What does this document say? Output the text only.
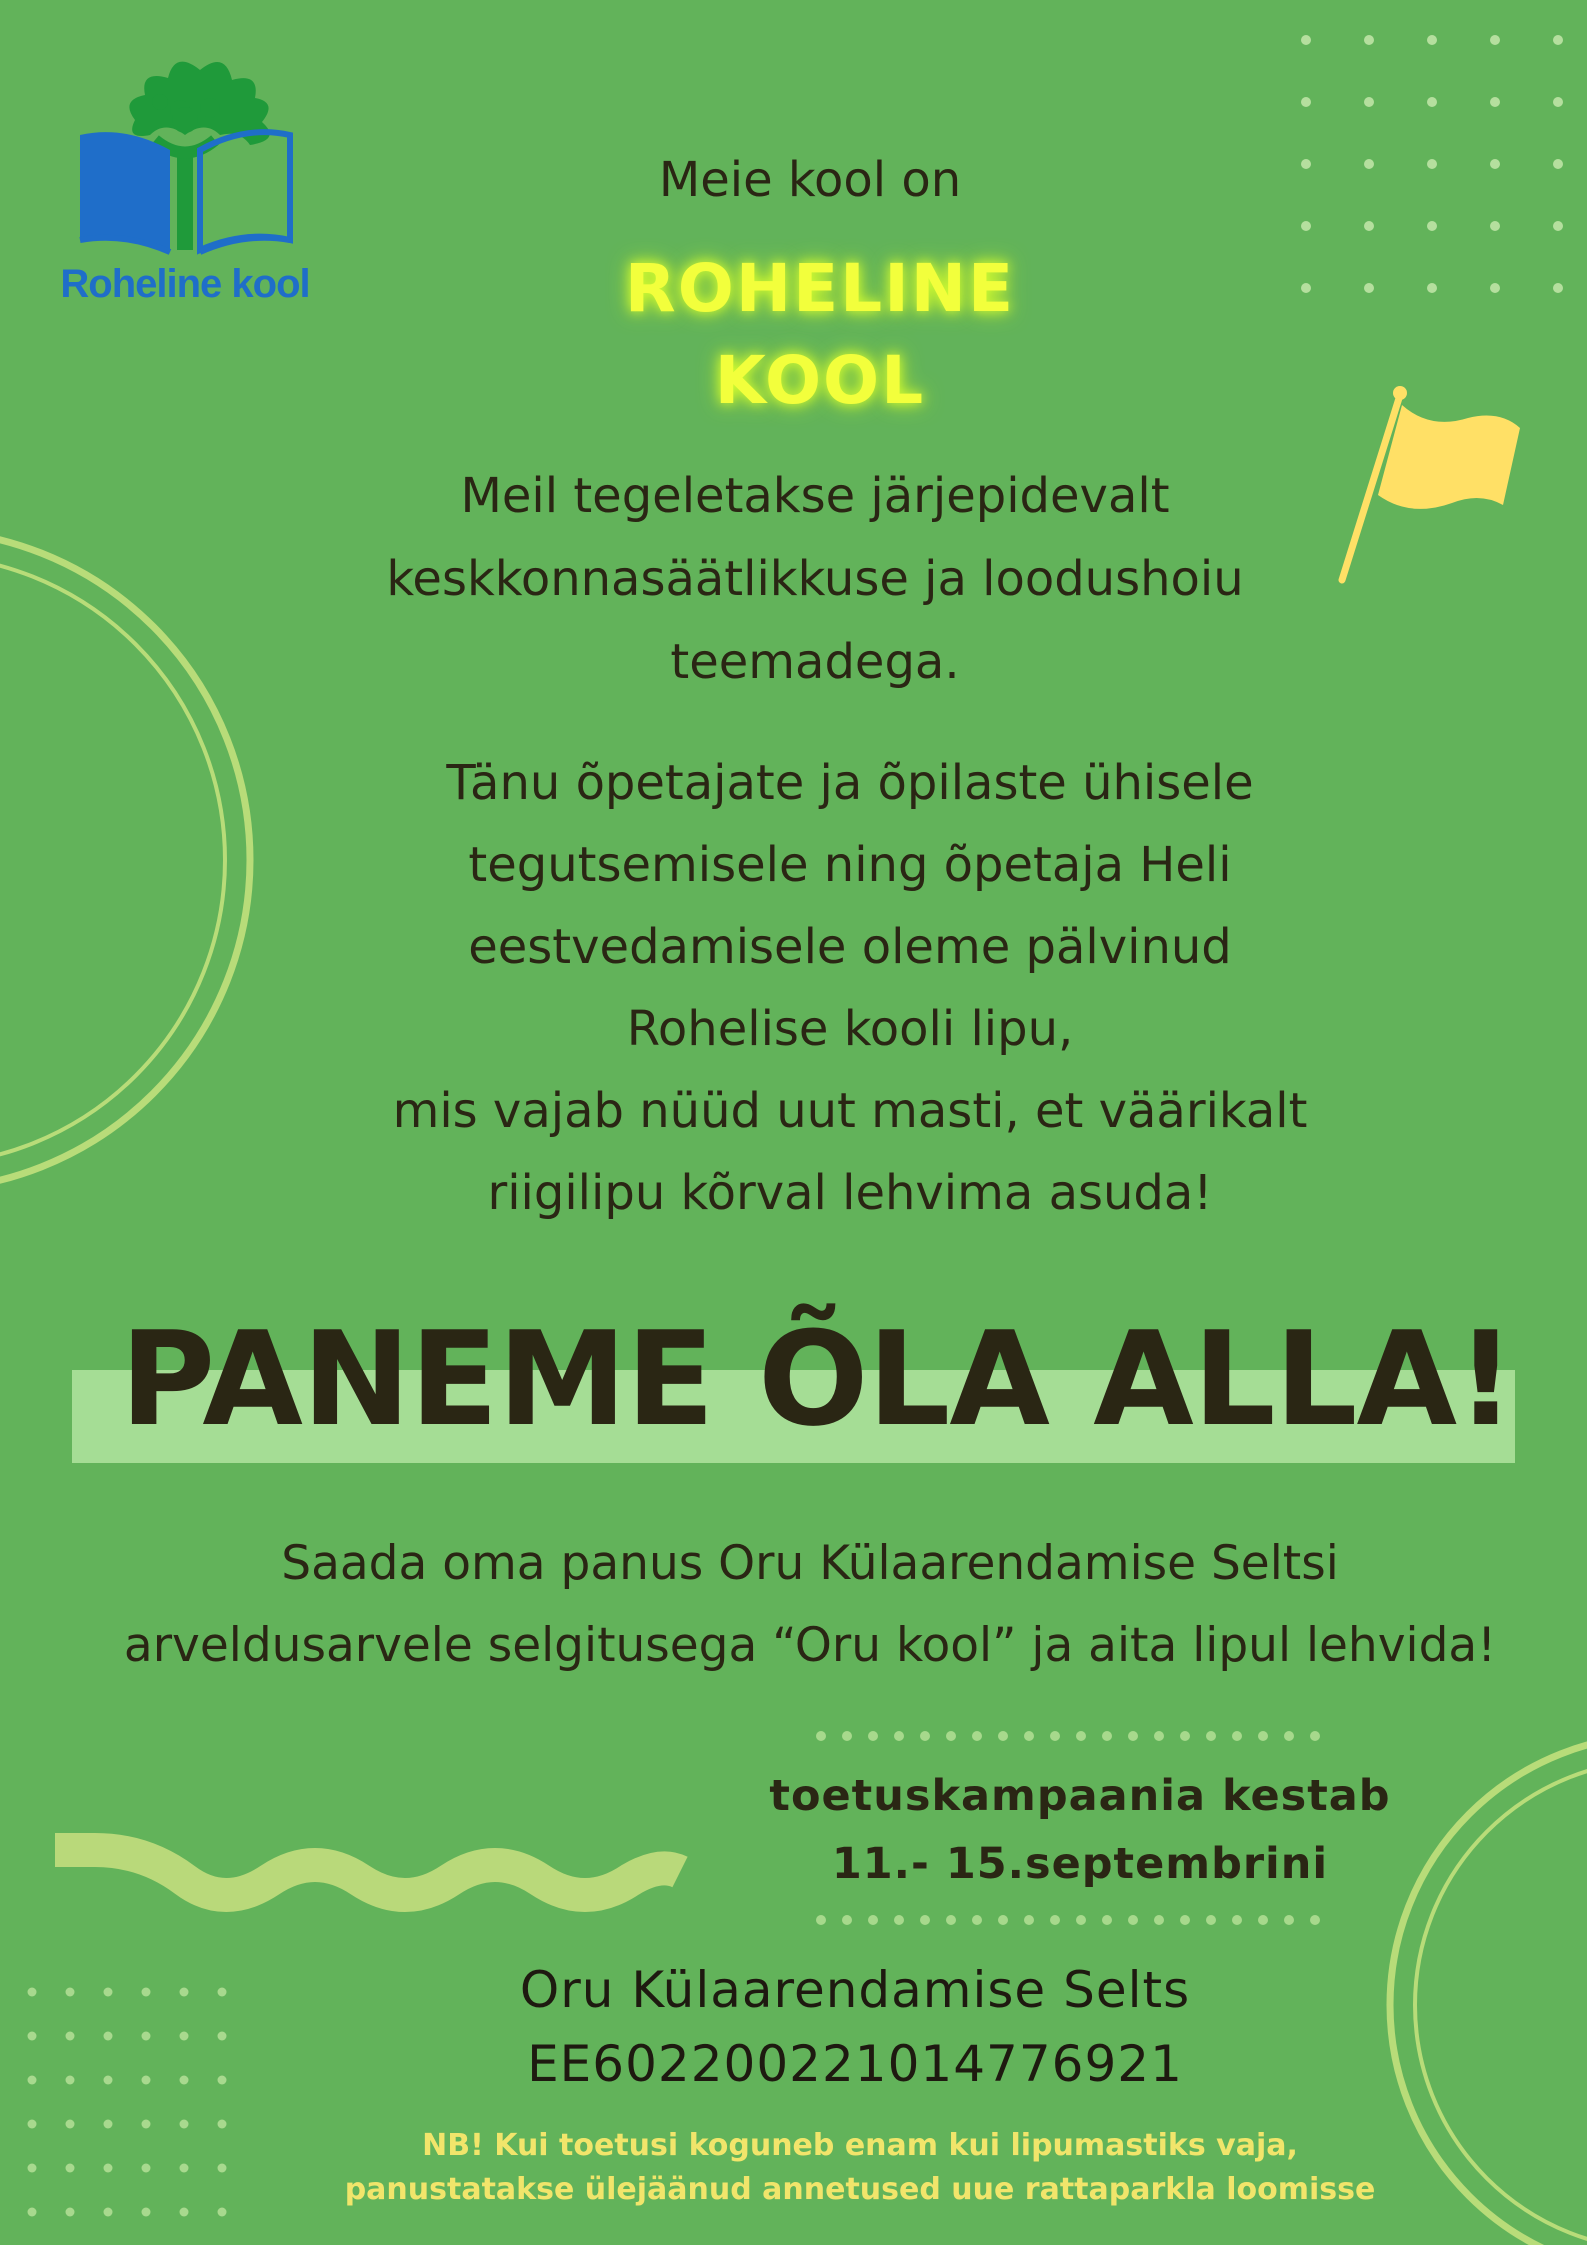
Roheline kool
Meie kool on
ROHELINE
KOOL
Meil tegeletakse järjepidevalt
keskkonnasäätlikkuse ja loodushoiu
teemadega.
Tänu õpetajate ja õpilaste ühisele
tegutsemisele ning õpetaja Heli
eestvedamisele oleme pälvinud
Rohelise kooli lipu,
mis vajab nüüd uut masti, et väärikalt
riigilipu kõrval lehvima asuda!
PANEME ÕLA ALLA!
Saada oma panus Oru Külaarendamise Seltsi
arveldusarvele selgitusega “Oru kool” ja aita lipul lehvida!
toetuskampaania kestab
11.- 15.septembrini
Oru Külaarendamise Selts
EE602200221014776921
NB! Kui toetusi koguneb enam kui lipumastiks vaja,
panustatakse ülejäänud annetused uue rattaparkla loomisse
